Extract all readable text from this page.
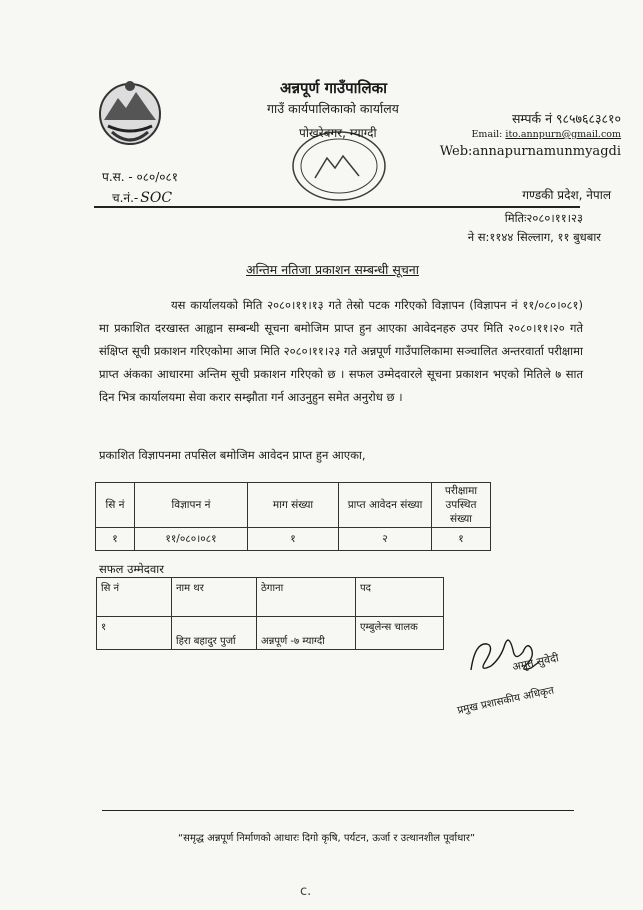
अन्नपूर्ण गाउँपालिका
गाउँ कार्यपालिकाको कार्यालय
पोखरेबगर, म्याग्दी
सम्पर्क नं ९८५७६८३८१०
Email: ito.annpurn@gmail.com
Web:annapurnamunmyagdi
प.स. - ०८०/०८१
च.नं.- SOC	गण्डकी प्रदेश, नेपाल
मितिः२०८०।११।२३
ने स:११४४ सिल्लाग, ११ बुधबार
अन्तिम नतिजा प्रकाशन सम्बन्धी सूचना
यस कार्यालयको मिति २०८०।११।१३ गते तेस्रो पटक गरिएको विज्ञापन (विज्ञापन नं ११/०८०।०८१) मा प्रकाशित दरखास्त आह्वान सम्बन्धी सूचना बमोजिम प्राप्त हुन आएका आवेदनहरु उपर मिति २०८०।११।२० गते संक्षिप्त सूची प्रकाशन गरिएकोमा आज मिति २०८०।११।२३ गते अन्नपूर्ण गाउँपालिकामा सञ्चालित अन्तरवार्ता परीक्षामा प्राप्त अंकका आधारमा अन्तिम सूची प्रकाशन गरिएको छ । सफल उम्मेदवारले सूचना प्रकाशन भएको मितिले ७ सात दिन भित्र कार्यालयमा सेवा करार सम्झौता गर्न आउनुहुन समेत अनुरोध छ ।
प्रकाशित विज्ञापनमा तपसिल बमोजिम आवेदन प्राप्त हुन आएका,
सि नं	विज्ञापन नं	माग संख्या	प्राप्त आवेदन संख्या	परीक्षामा उपस्थित संख्या
१	११/०८०।०८१	१	२	१
सफल उम्मेदवार
सि नं	नाम थर	ठेगाना	पद
१	हिरा बहादुर पुर्जा	अन्नपूर्ण -७ म्याग्दी	एम्बुलेन्स चालक
अमृत सुवेदी
प्रमुख प्रशासकीय अधिकृत
“समृद्ध अन्नपूर्ण निर्माणको आधारः दिगो कृषि, पर्यटन, ऊर्जा र उत्थानशील पूर्वाधार”
c.
